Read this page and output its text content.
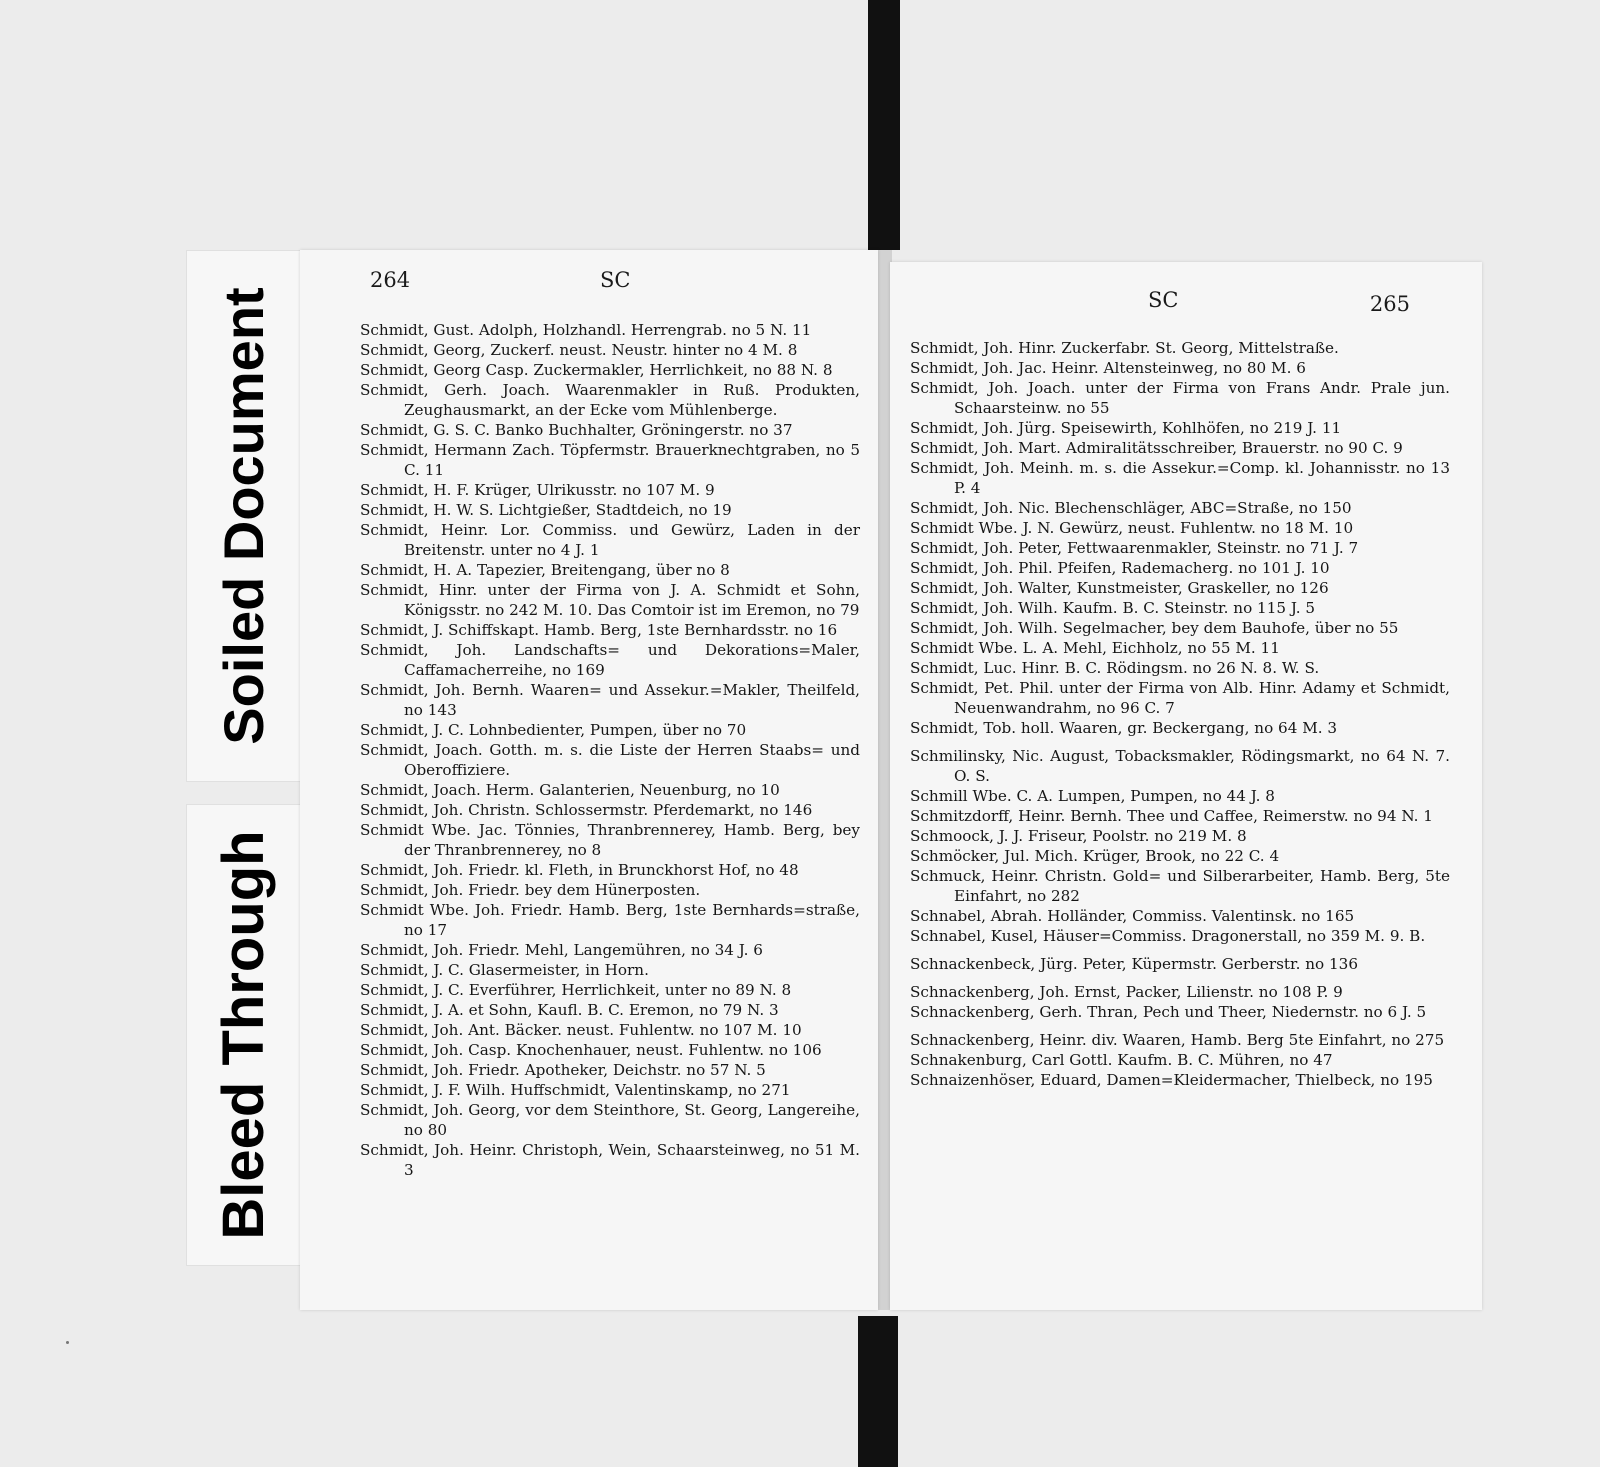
Soiled Document
Bleed Through
264	SC
Schmidt, Gust. Adolph, Holzhandl. Herrengrab. no 5 N. 11
Schmidt, Georg, Zuckerf. neust. Neustr. hinter no 4 M. 8
Schmidt, Georg Casp. Zuckermakler, Herrlichkeit, no 88 N. 8
Schmidt, Gerh. Joach. Waarenmakler in Ruß. Produkten, Zeughausmarkt, an der Ecke vom Mühlenberge.
Schmidt, G. S. C. Banko Buchhalter, Gröningerstr. no 37
Schmidt, Hermann Zach. Töpfermstr. Brauerknechtgraben, no 5 C. 11
Schmidt, H. F. Krüger, Ulrikusstr. no 107 M. 9
Schmidt, H. W. S. Lichtgießer, Stadtdeich, no 19
Schmidt, Heinr. Lor. Commiss. und Gewürz, Laden in der Breitenstr. unter no 4 J. 1
Schmidt, H. A. Tapezier, Breitengang, über no 8
Schmidt, Hinr. unter der Firma von J. A. Schmidt et Sohn, Königsstr. no 242 M. 10. Das Comtoir ist im Eremon, no 79
Schmidt, J. Schiffskapt. Hamb. Berg, 1ste Bernhardsstr. no 16
Schmidt, Joh. Landschafts= und Dekorations=Maler, Caffamacherreihe, no 169
Schmidt, Joh. Bernh. Waaren= und Assekur.=Makler, Theilfeld, no 143
Schmidt, J. C. Lohnbedienter, Pumpen, über no 70
Schmidt, Joach. Gotth. m. s. die Liste der Herren Staabs= und Oberoffiziere.
Schmidt, Joach. Herm. Galanterien, Neuenburg, no 10
Schmidt, Joh. Christn. Schlossermstr. Pferdemarkt, no 146
Schmidt Wbe. Jac. Tönnies, Thranbrennerey, Hamb. Berg, bey der Thranbrennerey, no 8
Schmidt, Joh. Friedr. kl. Fleth, in Brunckhorst Hof, no 48
Schmidt, Joh. Friedr. bey dem Hünerposten.
Schmidt Wbe. Joh. Friedr. Hamb. Berg, 1ste Bernhards=straße, no 17
Schmidt, Joh. Friedr. Mehl, Langemühren, no 34 J. 6
Schmidt, J. C. Glasermeister, in Horn.
Schmidt, J. C. Everführer, Herrlichkeit, unter no 89 N. 8
Schmidt, J. A. et Sohn, Kaufl. B. C. Eremon, no 79 N. 3
Schmidt, Joh. Ant. Bäcker. neust. Fuhlentw. no 107 M. 10
Schmidt, Joh. Casp. Knochenhauer, neust. Fuhlentw. no 106
Schmidt, Joh. Friedr. Apotheker, Deichstr. no 57 N. 5
Schmidt, J. F. Wilh. Huffschmidt, Valentinskamp, no 271
Schmidt, Joh. Georg, vor dem Steinthore, St. Georg, Langereihe, no 80
Schmidt, Joh. Heinr. Christoph, Wein, Schaarsteinweg, no 51 M. 3
SC	265
Schmidt, Joh. Hinr. Zuckerfabr. St. Georg, Mittelstraße.
Schmidt, Joh. Jac. Heinr. Altensteinweg, no 80 M. 6
Schmidt, Joh. Joach. unter der Firma von Frans Andr. Prale jun. Schaarsteinw. no 55
Schmidt, Joh. Jürg. Speisewirth, Kohlhöfen, no 219 J. 11
Schmidt, Joh. Mart. Admiralitätsschreiber, Brauerstr. no 90 C. 9
Schmidt, Joh. Meinh. m. s. die Assekur.=Comp. kl. Johannisstr. no 13 P. 4
Schmidt, Joh. Nic. Blechenschläger, ABC=Straße, no 150
Schmidt Wbe. J. N. Gewürz, neust. Fuhlentw. no 18 M. 10
Schmidt, Joh. Peter, Fettwaarenmakler, Steinstr. no 71 J. 7
Schmidt, Joh. Phil. Pfeifen, Rademacherg. no 101 J. 10
Schmidt, Joh. Walter, Kunstmeister, Graskeller, no 126
Schmidt, Joh. Wilh. Kaufm. B. C. Steinstr. no 115 J. 5
Schmidt, Joh. Wilh. Segelmacher, bey dem Bauhofe, über no 55
Schmidt Wbe. L. A. Mehl, Eichholz, no 55 M. 11
Schmidt, Luc. Hinr. B. C. Rödingsm. no 26 N. 8. W. S.
Schmidt, Pet. Phil. unter der Firma von Alb. Hinr. Adamy et Schmidt, Neuenwandrahm, no 96 C. 7
Schmidt, Tob. holl. Waaren, gr. Beckergang, no 64 M. 3
Schmilinsky, Nic. August, Tobacksmakler, Rödingsmarkt, no 64 N. 7. O. S.
Schmill Wbe. C. A. Lumpen, Pumpen, no 44 J. 8
Schmitzdorff, Heinr. Bernh. Thee und Caffee, Reimerstw. no 94 N. 1
Schmoock, J. J. Friseur, Poolstr. no 219 M. 8
Schmöcker, Jul. Mich. Krüger, Brook, no 22 C. 4
Schmuck, Heinr. Christn. Gold= und Silberarbeiter, Hamb. Berg, 5te Einfahrt, no 282
Schnabel, Abrah. Holländer, Commiss. Valentinsk. no 165
Schnabel, Kusel, Häuser=Commiss. Dragonerstall, no 359 M. 9. B.
Schnackenbeck, Jürg. Peter, Küpermstr. Gerberstr. no 136
Schnackenberg, Joh. Ernst, Packer, Lilienstr. no 108 P. 9
Schnackenberg, Gerh. Thran, Pech und Theer, Niedernstr. no 6 J. 5
Schnackenberg, Heinr. div. Waaren, Hamb. Berg 5te Einfahrt, no 275
Schnakenburg, Carl Gottl. Kaufm. B. C. Mühren, no 47
Schnaizenhöser, Eduard, Damen=Kleidermacher, Thielbeck, no 195
